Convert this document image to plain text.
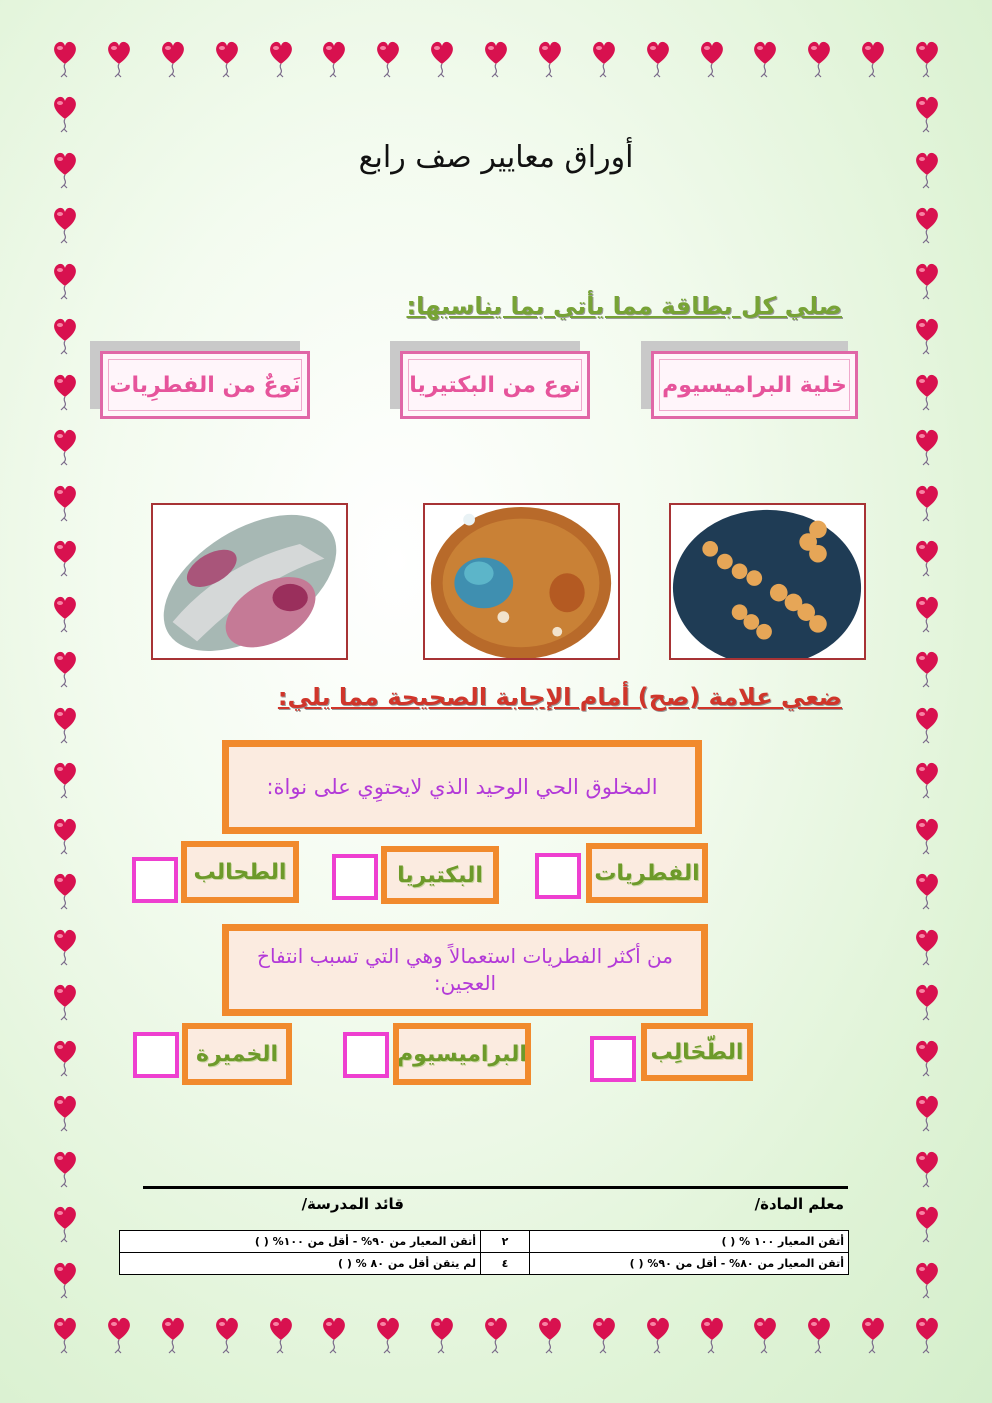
أوراق معايير صف رابع
صلي كل بطاقة مما يأتي بما يناسبها:
خلية البراميسيوم
نوع من البكتيريا
نَوعٌ من الفطرِيات
ضعي علامة (صح) أمام الإجابة الصحيحة مما يلي:
المخلوق الحي الوحيد الذي لايحتوِي على نواة:
الفطريات
البكتيريا
الطحالب
من أكثر الفطريات استعمالاً وهي التي تسبب انتفاخ العجين:
الطّحَالِب
البراميسيوم
الخميرة
معلم المادة/
قائد المدرسة/
أتقن المعيار ١٠٠ % ( )	٢	أتقن المعيار من ٩٠% - أقل من ١٠٠% ( )
أتقن المعيار من ٨٠% - أقل من ٩٠% ( )	٤	لم يتقن أقل من ٨٠ % ( )
